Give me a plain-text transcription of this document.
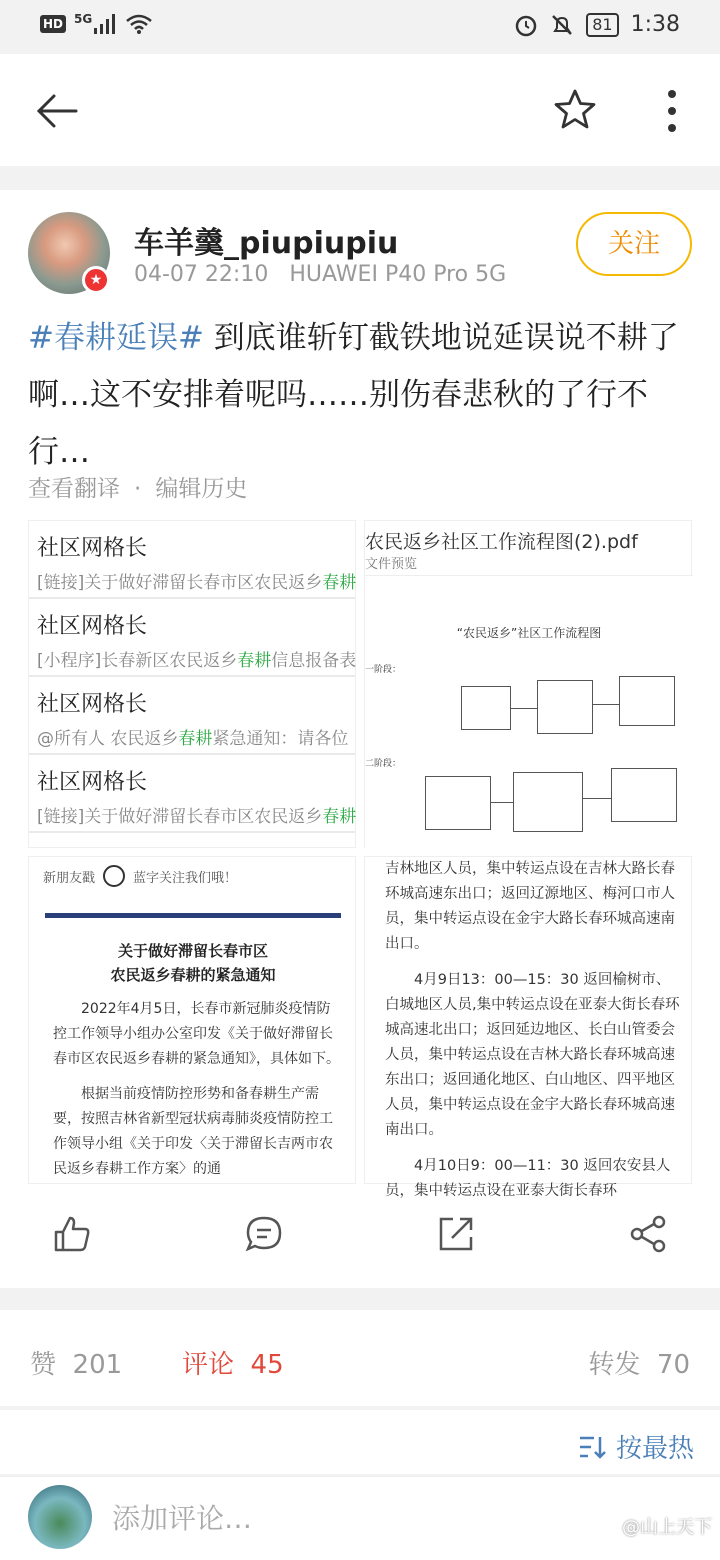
HD 5G	81 1:38
★
车羊羹_piupiupiu
04-07 22:10 HUAWEI P40 Pro 5G
关注
#春耕延误# 到底谁斩钉截铁地说延误说不耕了啊…这不安排着呢吗……别伤春悲秋的了行不行…
查看翻译 · 编辑历史
社区网格长
[链接]关于做好滞留长春市区农民返乡春耕
社区网格长
[小程序]长春新区农民返乡春耕信息报备表
社区网格长
@所有人 农民返乡春耕紧急通知：请各位
社区网格长
[链接]关于做好滞留长春市区农民返乡春耕
农民返乡社区工作流程图(2).pdf
文件预览
“农民返乡”社区工作流程图
一阶段：
二阶段：
新朋友戳	蓝字关注我们哦！
关于做好滞留长春市区
农民返乡春耕的紧急通知

2022年4月5日，长春市新冠肺炎疫情防控工作领导小组办公室印发《关于做好滞留长春市区农民返乡春耕的紧急通知》，具体如下。

根据当前疫情防控形势和备春耕生产需要，按照吉林省新型冠状病毒肺炎疫情防控工作领导小组《关于印发〈关于滞留长吉两市农民返乡春耕工作方案〉的通

吉林地区人员，集中转运点设在吉林大路长春环城高速东出口；返回辽源地区、梅河口市人员，集中转运点设在金宇大路长春环城高速南出口。

4月9日13：00—15：30 返回榆树市、白城地区人员,集中转运点设在亚泰大街长春环城高速北出口；返回延边地区、长白山管委会人员，集中转运点设在吉林大路长春环城高速东出口；返回通化地区、白山地区、四平地区人员，集中转运点设在金宇大路长春环城高速南出口。

4月10日9：00—11：30 返回农安县人员，集中转运点设在亚泰大街长春环

赞 201 评论 45	转发 70
按最热
添加评论…	@山上天下
